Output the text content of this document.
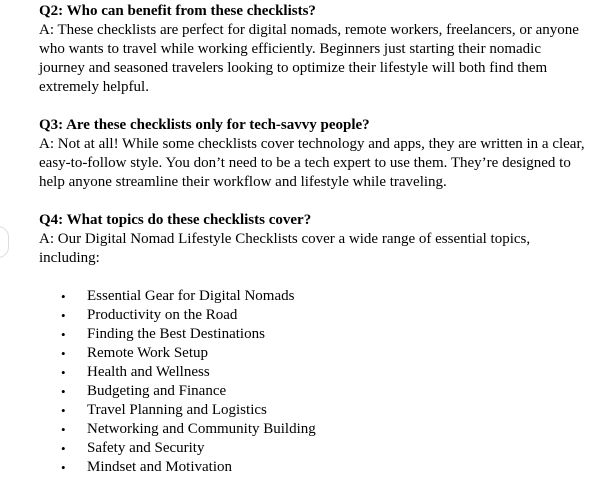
Q2: Who can benefit from these checklists?

A: These checklists are perfect for digital nomads, remote workers, freelancers, or anyone who wants to travel while working efficiently. Beginners just starting their nomadic journey and seasoned travelers looking to optimize their lifestyle will both find them extremely helpful.

Q3: Are these checklists only for tech-savvy people?

A: Not at all! While some checklists cover technology and apps, they are written in a clear, easy-to-follow style. You don’t need to be a tech expert to use them. They’re designed to help anyone streamline their workflow and lifestyle while traveling.

Q4: What topics do these checklists cover?

A: Our Digital Nomad Lifestyle Checklists cover a wide range of essential topics, including:

• Essential Gear for Digital Nomads
• Productivity on the Road
• Finding the Best Destinations
• Remote Work Setup
• Health and Wellness
• Budgeting and Finance
• Travel Planning and Logistics
• Networking and Community Building
• Safety and Security
• Mindset and Motivation
